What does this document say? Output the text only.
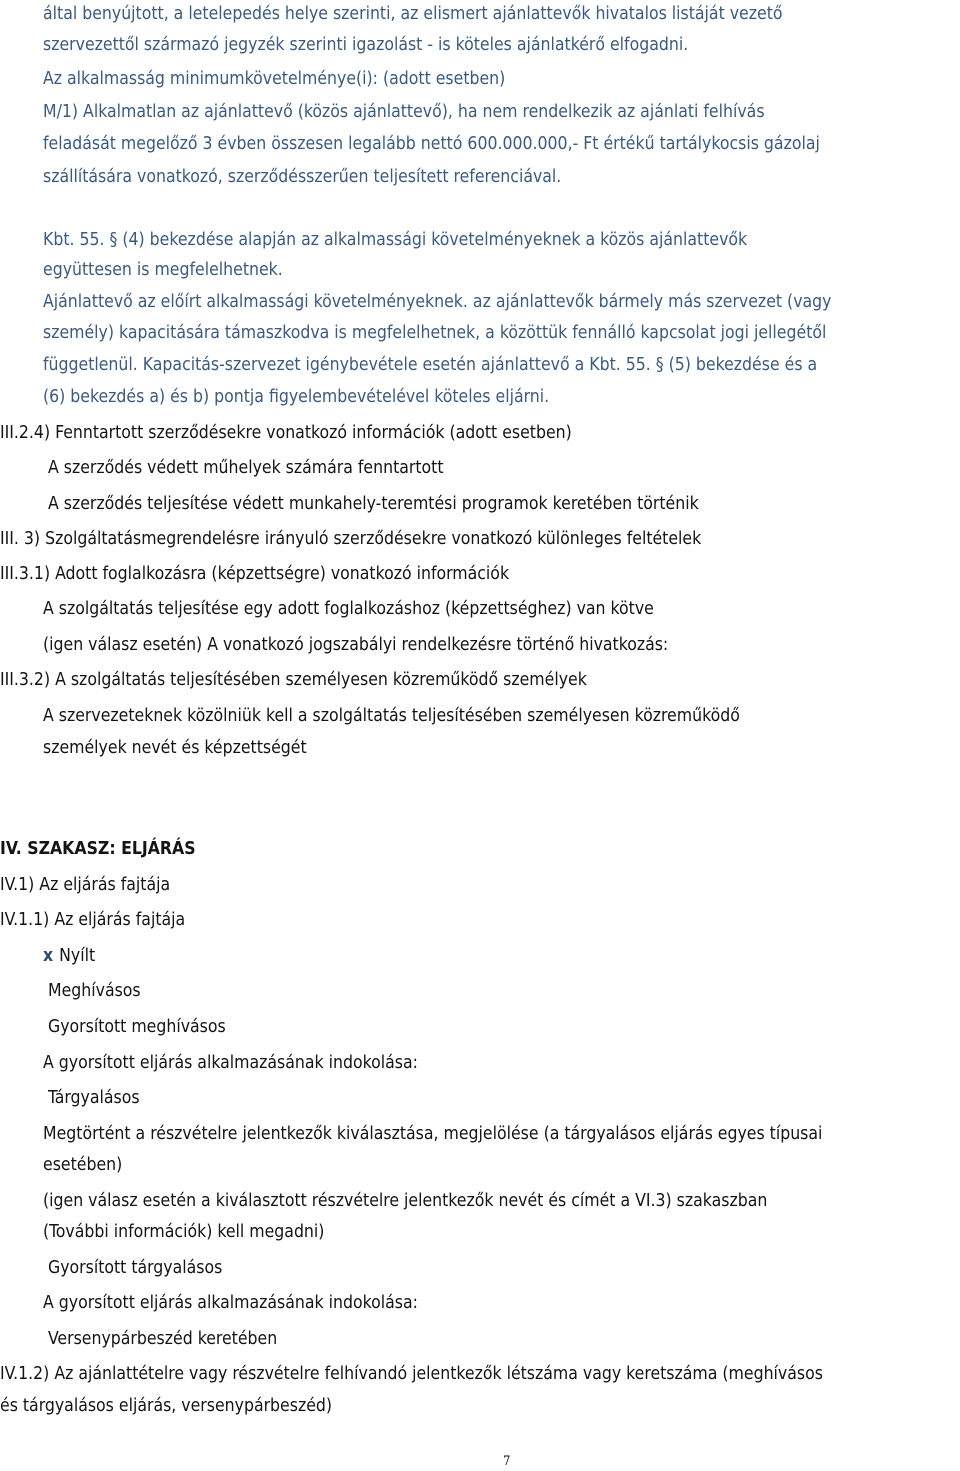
által benyújtott, a letelepedés helye szerinti, az elismert ajánlattevők hivatalos listáját vezető

szervezettől származó jegyzék szerinti igazolást - is köteles ajánlatkérő elfogadni.

Az alkalmasság minimumkövetelménye(i): (adott esetben)

M/1) Alkalmatlan az ajánlattevő (közös ajánlattevő), ha nem rendelkezik az ajánlati felhívás

feladását megelőző 3 évben összesen legalább nettó 600.000.000,- Ft értékű tartálykocsis gázolaj

szállítására vonatkozó, szerződésszerűen teljesített referenciával.

Kbt. 55. § (4) bekezdése alapján az alkalmassági követelményeknek a közös ajánlattevők

együttesen is megfelelhetnek.

Ajánlattevő az előírt alkalmassági követelményeknek. az ajánlattevők bármely más szervezet (vagy

személy) kapacitására támaszkodva is megfelelhetnek, a közöttük fennálló kapcsolat jogi jellegétől

függetlenül. Kapacitás-szervezet igénybevétele esetén ajánlattevő a Kbt. 55. § (5) bekezdése és a

(6) bekezdés a) és b) pontja figyelembevételével köteles eljárni.

III.2.4) Fenntartott szerződésekre vonatkozó információk (adott esetben)

A szerződés védett műhelyek számára fenntartott

A szerződés teljesítése védett munkahely-teremtési programok keretében történik

III. 3) Szolgáltatásmegrendelésre irányuló szerződésekre vonatkozó különleges feltételek

III.3.1) Adott foglalkozásra (képzettségre) vonatkozó információk

A szolgáltatás teljesítése egy adott foglalkozáshoz (képzettséghez) van kötve

(igen válasz esetén) A vonatkozó jogszabályi rendelkezésre történő hivatkozás:

III.3.2) A szolgáltatás teljesítésében személyesen közreműködő személyek

A szervezeteknek közölniük kell a szolgáltatás teljesítésében személyesen közreműködő

személyek nevét és képzettségét

IV. SZAKASZ: ELJÁRÁS

IV.1) Az eljárás fajtája

IV.1.1) Az eljárás fajtája

x Nyílt

Meghívásos

Gyorsított meghívásos

A gyorsított eljárás alkalmazásának indokolása:

Tárgyalásos

Megtörtént a részvételre jelentkezők kiválasztása, megjelölése (a tárgyalásos eljárás egyes típusai

esetében)

(igen válasz esetén a kiválasztott részvételre jelentkezők nevét és címét a VI.3) szakaszban

(További információk) kell megadni)

Gyorsított tárgyalásos

A gyorsított eljárás alkalmazásának indokolása:

Versenypárbeszéd keretében

IV.1.2) Az ajánlattételre vagy részvételre felhívandó jelentkezők létszáma vagy keretszáma (meghívásos

és tárgyalásos eljárás, versenypárbeszéd)

7
